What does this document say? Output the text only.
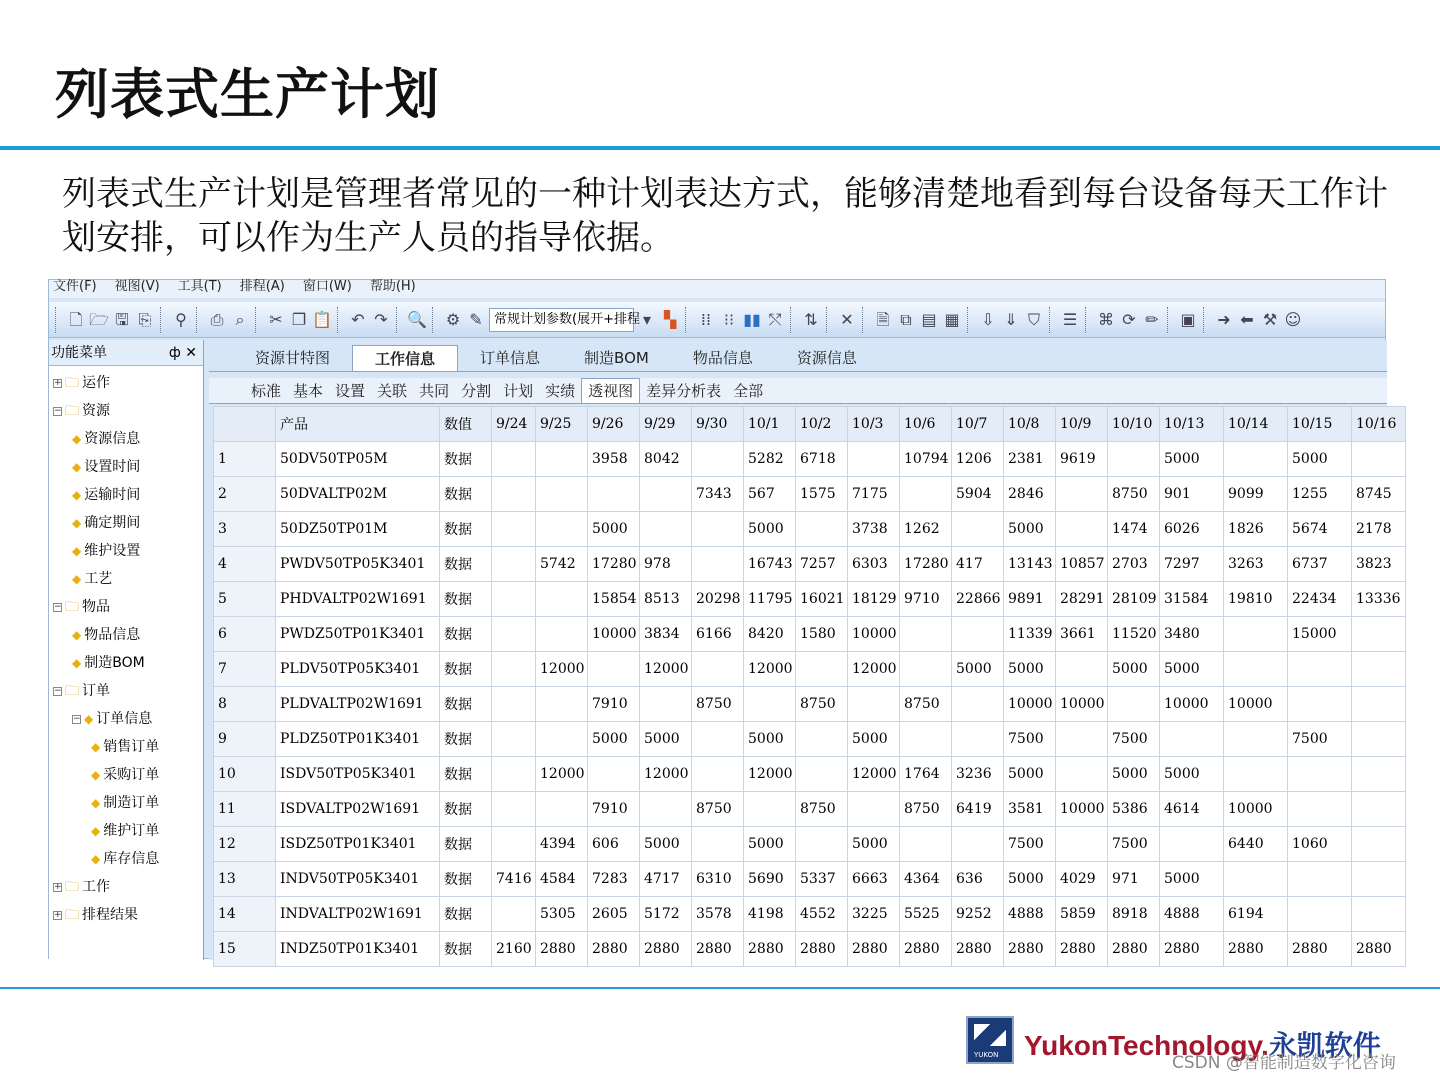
列表式生产计划
列表式生产计划是管理者常见的一种计划表达方式，能够清楚地看到每台设备每天工作计划安排，可以作为生产人员的指导依据。
文件(F) 视图(V) 工具(T) 排程(A) 窗口(W) 帮助(H)
🗋 🗁 🖫 ⎘ ⚲ ⎙ ⌕	✂ ❐ 📋 ↶ ↷ 🔍 ⚙ ✎ 常规计划参数(展开+排程 ▾ ▚	⁞⁞ ⁝⁝ ▮▮ ⤲ ⇅ ✕ 🗎 ⧉ ▤ ▦ ⇩ ⇓ ⛉ ☰ ⌘ ⟳ ✏ ▣ ➜ ⬅ ⚒ ☺
功能菜单	ф ✕
+ 🗀 运作
− 🗀 资源
◆ 资源信息
◆ 设置时间
◆ 运输时间
◆ 确定期间
◆ 维护设置
◆ 工艺
− 🗀 物品
◆ 物品信息
◆ 制造BOM
− 🗀 订单
− ◆ 订单信息
◆ 销售订单
◆ 采购订单
◆ 制造订单
◆ 维护订单
◆ 库存信息
+ 🗀 工作
+ 🗀 排程结果
资源甘特图	工作信息	订单信息	制造BOM	物品信息	资源信息
标准 基本 设置 关联 共同 分割 计划 实绩 透视图 差异分析表 全部
	产品	数值	9/24	9/25	9/26	9/29	9/30	10/1	10/2	10/3	10/6	10/7	10/8	10/9	10/10	10/13	10/14	10/15	10/16
1	50DV50TP05M	数据			3958	8042		5282	6718		10794	1206	2381	9619		5000		5000	
2	50DVALTP02M	数据					7343	567	1575	7175		5904	2846		8750	901	9099	1255	8745
3	50DZ50TP01M	数据			5000			5000		3738	1262		5000		1474	6026	1826	5674	2178
4	PWDV50TP05K3401	数据		5742	17280	978		16743	7257	6303	17280	417	13143	10857	2703	7297	3263	6737	3823
5	PHDVALTP02W1691	数据			15854	8513	20298	11795	16021	18129	9710	22866	9891	28291	28109	31584	19810	22434	13336
6	PWDZ50TP01K3401	数据			10000	3834	6166	8420	1580	10000			11339	3661	11520	3480		15000	
7	PLDV50TP05K3401	数据		12000		12000		12000		12000		5000	5000		5000	5000			
8	PLDVALTP02W1691	数据			7910		8750		8750		8750		10000	10000		10000	10000		
9	PLDZ50TP01K3401	数据			5000	5000		5000		5000			7500		7500			7500	
10	ISDV50TP05K3401	数据		12000		12000		12000		12000	1764	3236	5000		5000	5000			
11	ISDVALTP02W1691	数据			7910		8750		8750		8750	6419	3581	10000	5386	4614	10000		
12	ISDZ50TP01K3401	数据		4394	606	5000		5000		5000			7500		7500		6440	1060	
13	INDV50TP05K3401	数据	7416	4584	7283	4717	6310	5690	5337	6663	4364	636	5000	4029	971	5000			
14	INDVALTP02W1691	数据		5305	2605	5172	3578	4198	4552	3225	5525	9252	4888	5859	8918	4888	6194		
15	INDZ50TP01K3401	数据	2160	2880	2880	2880	2880	2880	2880	2880	2880	2880	2880	2880	2880	2880	2880	2880	2880
YUKON YukonTechnology.永凯软件
CSDN @智能制造数字化咨询
